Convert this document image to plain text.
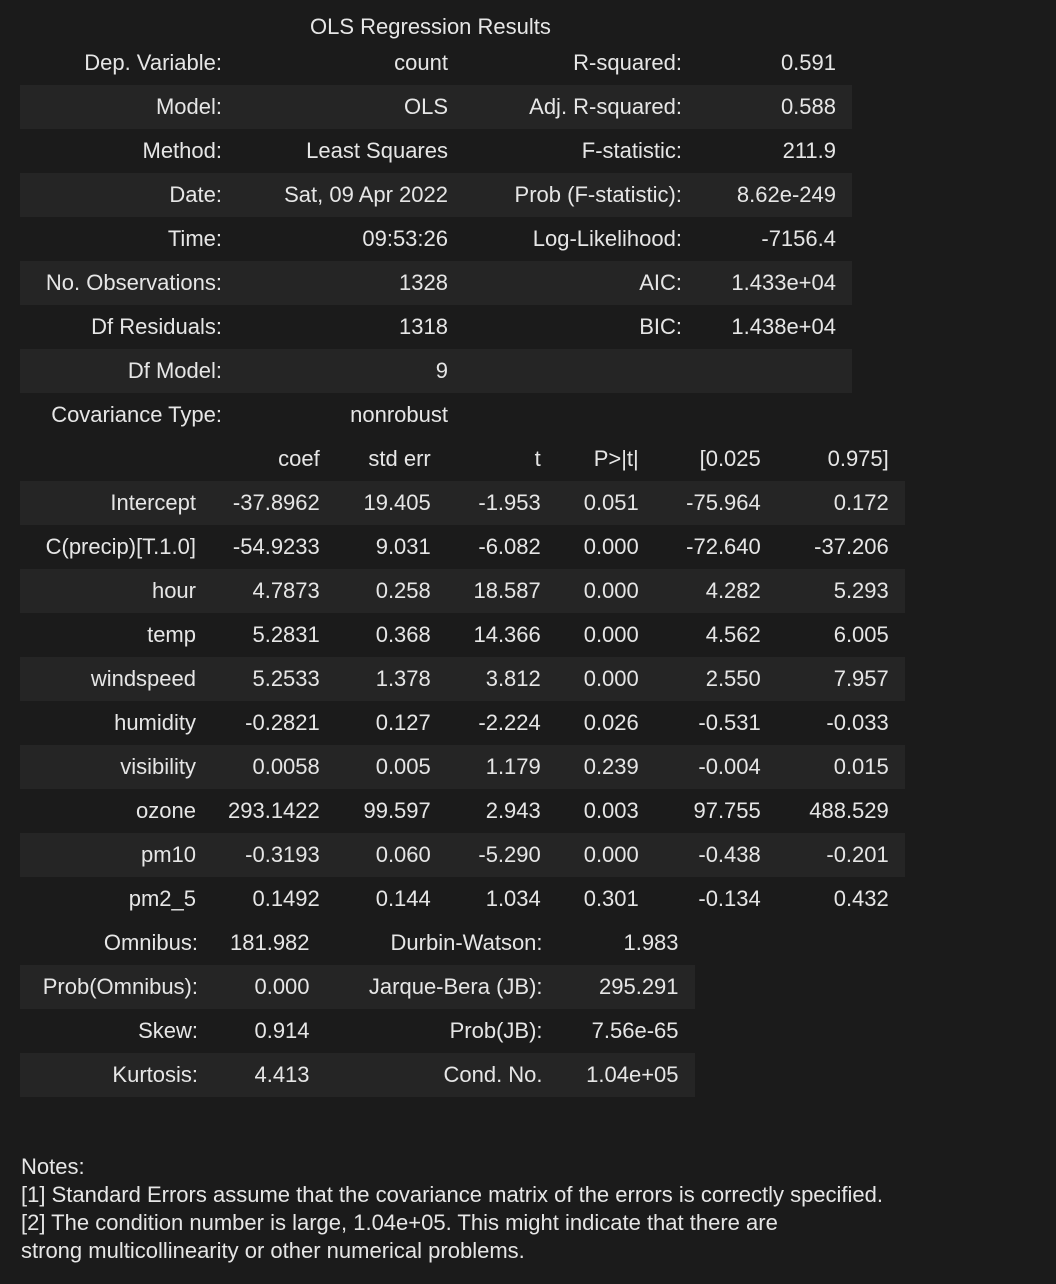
OLS Regression Results
Dep. Variable:	count	R-squared:	0.591
Model:	OLS	Adj. R-squared:	0.588
Method:	Least Squares	F-statistic:	211.9
Date:	Sat, 09 Apr 2022	Prob (F-statistic):	8.62e-249
Time:	09:53:26	Log-Likelihood:	-7156.4
No. Observations:	1328	AIC:	1.433e+04
Df Residuals:	1318	BIC:	1.438e+04
Df Model:	9		
Covariance Type:	nonrobust		
	coef	std err	t	P>|t|	[0.025	0.975]
Intercept	-37.8962	19.405	-1.953	0.051	-75.964	0.172
C(precip)[T.1.0]	-54.9233	9.031	-6.082	0.000	-72.640	-37.206
hour	4.7873	0.258	18.587	0.000	4.282	5.293
temp	5.2831	0.368	14.366	0.000	4.562	6.005
windspeed	5.2533	1.378	3.812	0.000	2.550	7.957
humidity	-0.2821	0.127	-2.224	0.026	-0.531	-0.033
visibility	0.0058	0.005	1.179	0.239	-0.004	0.015
ozone	293.1422	99.597	2.943	0.003	97.755	488.529
pm10	-0.3193	0.060	-5.290	0.000	-0.438	-0.201
pm2_5	0.1492	0.144	1.034	0.301	-0.134	0.432
Omnibus:	181.982	Durbin-Watson:	1.983
Prob(Omnibus):	0.000	Jarque-Bera (JB):	295.291
Skew:	0.914	Prob(JB):	7.56e-65
Kurtosis:	4.413	Cond. No.	1.04e+05
Notes:
[1] Standard Errors assume that the covariance matrix of the errors is correctly specified.
[2] The condition number is large, 1.04e+05. This might indicate that there are
strong multicollinearity or other numerical problems.
